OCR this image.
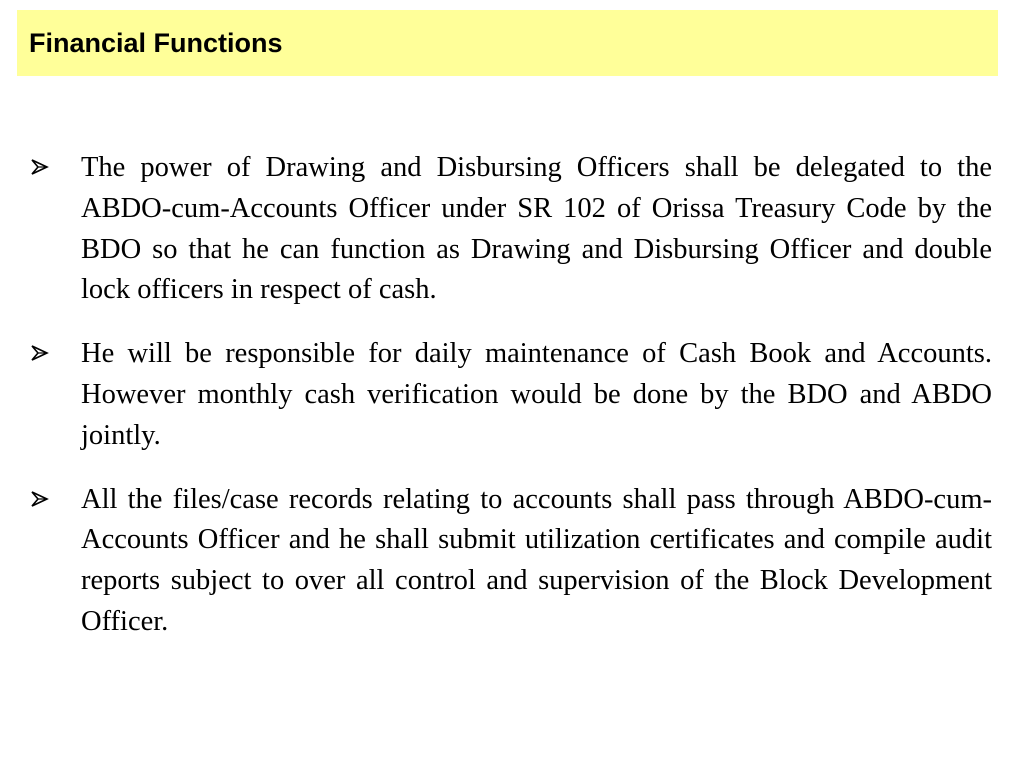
Financial Functions

The power of Drawing and Disbursing Officers shall be delegated to the ABDO-cum-Accounts Officer under SR 102 of Orissa Treasury Code by the BDO so that he can function as Drawing and Disbursing Officer and double lock officers in respect of cash.

He will be responsible for daily maintenance of Cash Book and Accounts. However monthly cash verification would be done by the BDO and ABDO jointly.

All the files/case records relating to accounts shall pass through ABDO-cum-Accounts Officer and he shall submit utilization certificates and compile audit reports subject to over all control and supervision of the Block Development Officer.
